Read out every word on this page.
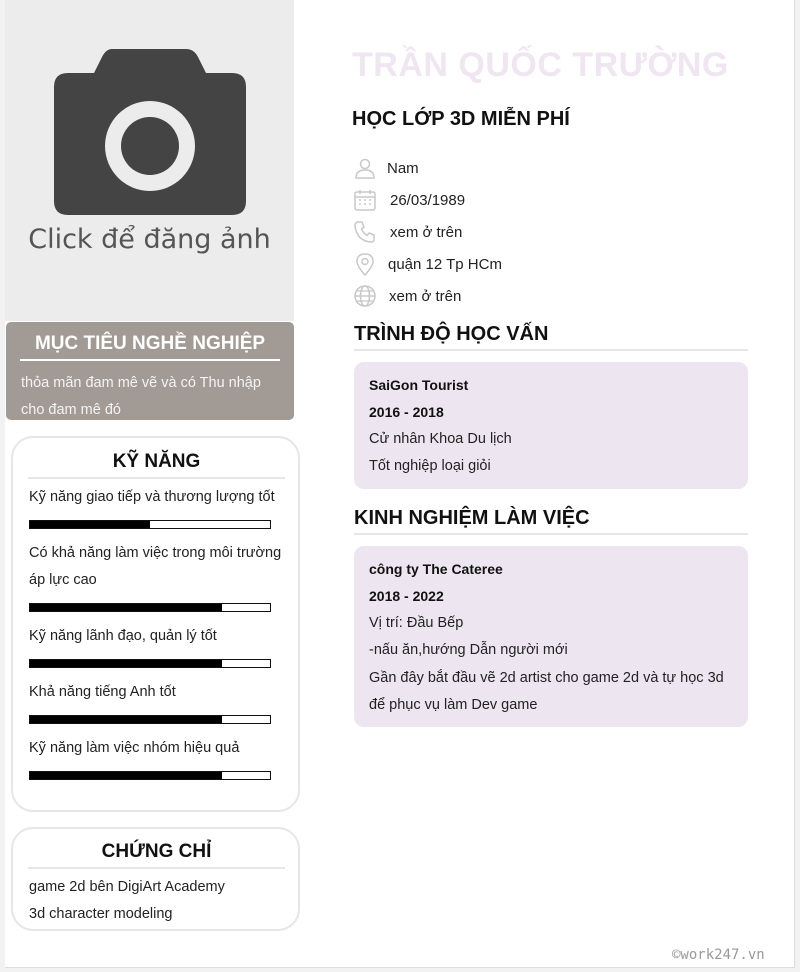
Click để đăng ảnh
MỤC TIÊU NGHỀ NGHIỆP

thỏa mãn đam mê vẽ và có Thu nhập cho đam mê đó

KỸ NĂNG
Kỹ năng giao tiếp và thương lượng tốt
Có khả năng làm việc trong môi trường áp lực cao
Kỹ năng lãnh đạo, quản lý tốt
Khả năng tiếng Anh tốt
Kỹ năng làm việc nhóm hiệu quả
CHỨNG CHỈ
game 2d bên DigiArt Academy
3d character modeling
TRẦN QUỐC TRƯỜNG
HỌC LỚP 3D MIỄN PHÍ
Nam
26/03/1989
xem ở trên
quận 12 Tp HCm
xem ở trên
TRÌNH ĐỘ HỌC VẤN
SaiGon Tourist
2016 - 2018
Cử nhân Khoa Du lịch
Tốt nghiệp loại giỏi
KINH NGHIỆM LÀM VIỆC
công ty The Cateree
2018 - 2022
Vị trí: Đầu Bếp
-nấu ăn,hướng Dẫn người mới
Gần đây bắt đầu vẽ 2d artist cho game 2d và tự học 3d để phục vụ làm Dev game
©work247.vn
